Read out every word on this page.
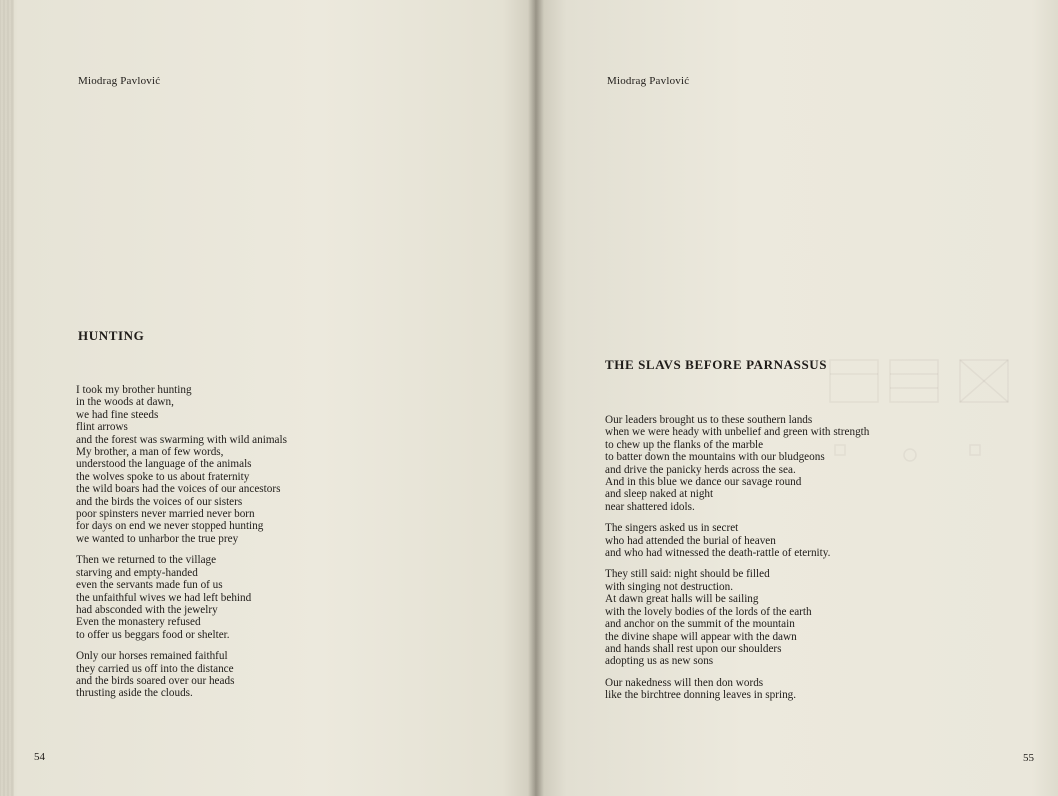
Miodrag Pavlović
HUNTING
I took my brother hunting
in the woods at dawn,
we had fine steeds
flint arrows
and the forest was swarming with wild animals
My brother, a man of few words,
understood the language of the animals
the wolves spoke to us about fraternity
the wild boars had the voices of our ancestors
and the birds the voices of our sisters
poor spinsters never married never born
for days on end we never stopped hunting
we wanted to unharbor the true prey
Then we returned to the village
starving and empty-handed
even the servants made fun of us
the unfaithful wives we had left behind
had absconded with the jewelry
Even the monastery refused
to offer us beggars food or shelter.
Only our horses remained faithful
they carried us off into the distance
and the birds soared over our heads
thrusting aside the clouds.
54
Miodrag Pavlović
THE SLAVS BEFORE PARNASSUS
Our leaders brought us to these southern lands
when we were heady with unbelief and green with strength
to chew up the flanks of the marble
to batter down the mountains with our bludgeons
and drive the panicky herds across the sea.
And in this blue we dance our savage round
and sleep naked at night
near shattered idols.
The singers asked us in secret
who had attended the burial of heaven
and who had witnessed the death-rattle of eternity.
They still said: night should be filled
with singing not destruction.
At dawn great halls will be sailing
with the lovely bodies of the lords of the earth
and anchor on the summit of the mountain
the divine shape will appear with the dawn
and hands shall rest upon our shoulders
adopting us as new sons
Our nakedness will then don words
like the birchtree donning leaves in spring.
55
